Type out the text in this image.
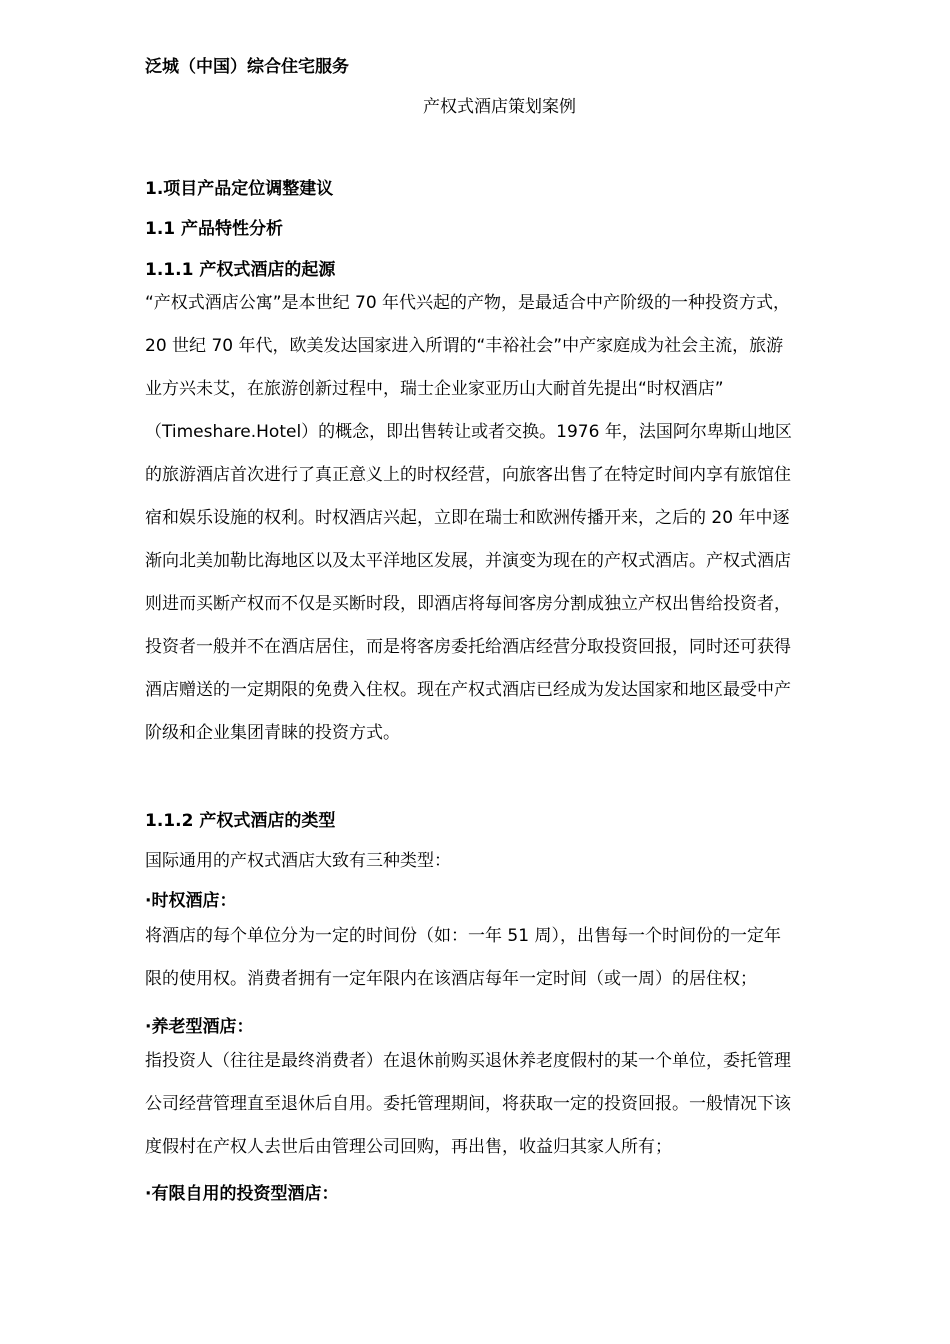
泛城（中国）综合住宅服务
产权式酒店策划案例
1.项目产品定位调整建议
1.1 产品特性分析
1.1.1 产权式酒店的起源
“产权式酒店公寓”是本世纪 70 年代兴起的产物，是最适合中产阶级的一种投资方式，
20 世纪 70 年代，欧美发达国家进入所谓的“丰裕社会”中产家庭成为社会主流，旅游
业方兴未艾，在旅游创新过程中，瑞士企业家亚历山大耐首先提出“时权酒店”
（Timeshare.Hotel）的概念，即出售转让或者交换。1976 年，法国阿尔卑斯山地区
的旅游酒店首次进行了真正意义上的时权经营，向旅客出售了在特定时间内享有旅馆住
宿和娱乐设施的权利。时权酒店兴起，立即在瑞士和欧洲传播开来，之后的 20 年中逐
渐向北美加勒比海地区以及太平洋地区发展，并演变为现在的产权式酒店。产权式酒店
则进而买断产权而不仅是买断时段，即酒店将每间客房分割成独立产权出售给投资者，
投资者一般并不在酒店居住，而是将客房委托给酒店经营分取投资回报，同时还可获得
酒店赠送的一定期限的免费入住权。现在产权式酒店已经成为发达国家和地区最受中产
阶级和企业集团青睐的投资方式。
1.1.2 产权式酒店的类型
国际通用的产权式酒店大致有三种类型：
·时权酒店：
将酒店的每个单位分为一定的时间份（如：一年 51 周），出售每一个时间份的一定年
限的使用权。消费者拥有一定年限内在该酒店每年一定时间（或一周）的居住权；
·养老型酒店：
指投资人（往往是最终消费者）在退休前购买退休养老度假村的某一个单位，委托管理
公司经营管理直至退休后自用。委托管理期间，将获取一定的投资回报。一般情况下该
度假村在产权人去世后由管理公司回购，再出售，收益归其家人所有；
·有限自用的投资型酒店：
